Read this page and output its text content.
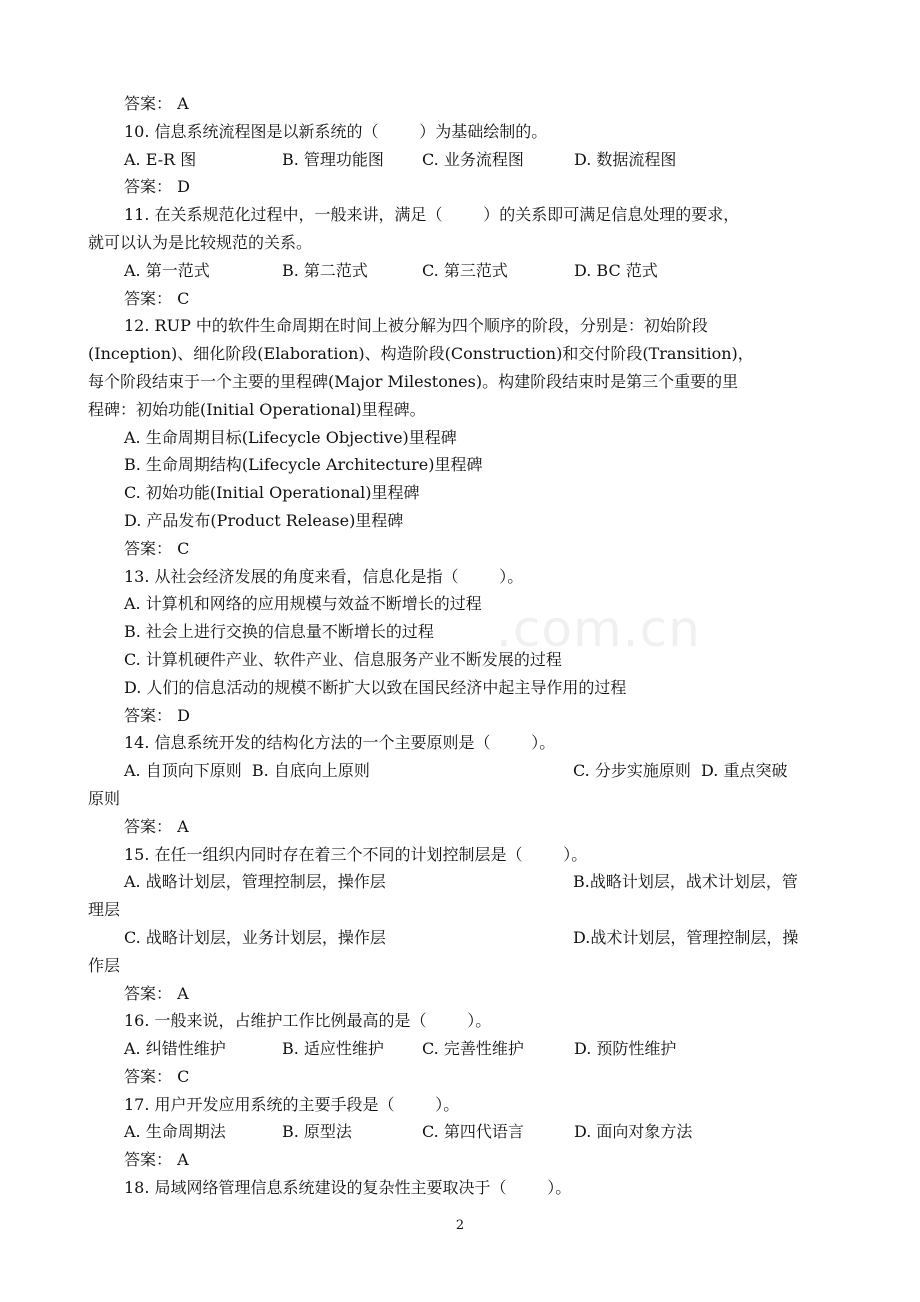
.com.cn
答案： A
10. 信息系统流程图是以新系统的（        ）为基础绘制的。
A. E-R 图	B. 管理功能图	C. 业务流程图	D. 数据流程图
答案： D
11. 在关系规范化过程中，一般来讲，满足（        ）的关系即可满足信息处理的要求，
就可以认为是比较规范的关系。
A. 第一范式	B. 第二范式	C. 第三范式	D. BC 范式
答案： C
12. RUP 中的软件生命周期在时间上被分解为四个顺序的阶段，分别是：初始阶段
(Inception)、细化阶段(Elaboration)、构造阶段(Construction)和交付阶段(Transition)，
每个阶段结束于一个主要的里程碑(Major Milestones)。构建阶段结束时是第三个重要的里
程碑：初始功能(Initial Operational)里程碑。
A. 生命周期目标(Lifecycle Objective)里程碑
B. 生命周期结构(Lifecycle Architecture)里程碑
C. 初始功能(Initial Operational)里程碑
D. 产品发布(Product Release)里程碑
答案： C
13. 从社会经济发展的角度来看，信息化是指（        ）。
A. 计算机和网络的应用规模与效益不断增长的过程
B. 社会上进行交换的信息量不断增长的过程
C. 计算机硬件产业、软件产业、信息服务产业不断发展的过程
D. 人们的信息活动的规模不断扩大以致在国民经济中起主导作用的过程
答案： D
14. 信息系统开发的结构化方法的一个主要原则是（        ）。
A. 自顶向下原则  B. 自底向上原则	C. 分步实施原则  D. 重点突破
原则
答案： A
15. 在任一组织内同时存在着三个不同的计划控制层是（        ）。
A. 战略计划层，管理控制层，操作层	B.战略计划层，战术计划层，管
理层
C. 战略计划层，业务计划层，操作层	D.战术计划层，管理控制层，操
作层
答案： A
16. 一般来说，占维护工作比例最高的是（        ）。
A. 纠错性维护	B. 适应性维护	C. 完善性维护	D. 预防性维护
答案： C
17. 用户开发应用系统的主要手段是（        ）。
A. 生命周期法	B. 原型法	C. 第四代语言	D. 面向对象方法
答案： A
18. 局域网络管理信息系统建设的复杂性主要取决于（        ）。
2
